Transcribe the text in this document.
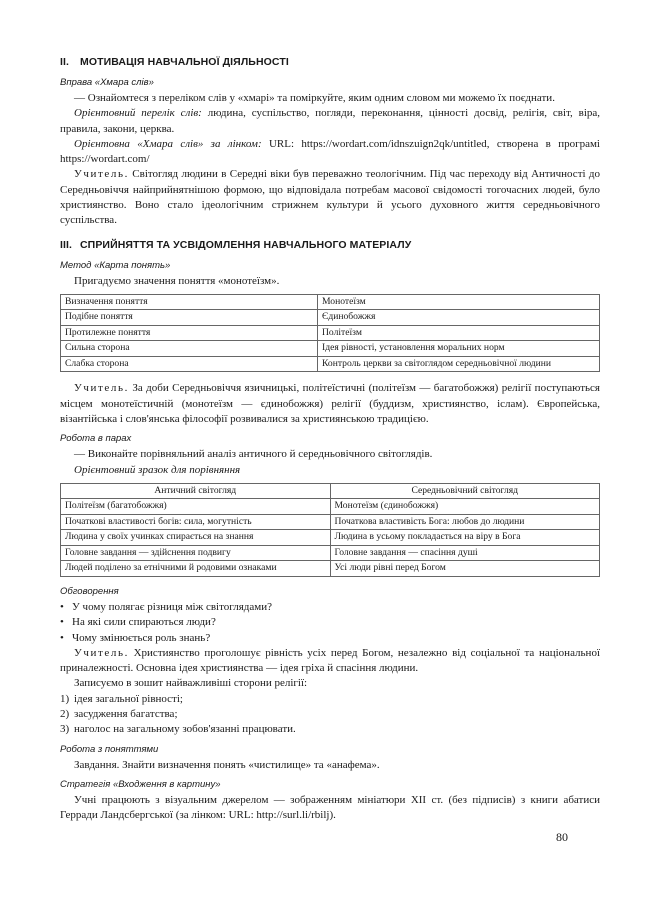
II. МОТИВАЦІЯ НАВЧАЛЬНОЇ ДІЯЛЬНОСТІ
Вправа «Хмара слів»

— Ознайомтеся з переліком слів у «хмарі» та поміркуйте, яким одним словом ми можемо їх поєднати.

Орієнтовний перелік слів: людина, суспільство, погляди, переконання, цінності досвід, релігія, світ, віра, правила, закони, церква.

Орієнтовна «Хмара слів» за лінком: URL: https://wordart.com/idnszuign2qk/untitled, створена в програмі https://wordart.com/

Учитель. Світогляд людини в Середні віки був переважно теологічним. Під час переходу від Античності до Середньовіччя найприйнятнішою формою, що відповідала потребам масової свідомості тогочасних людей, було християнство. Воно стало ідеологічним стрижнем культури й усього духовного життя середньовічного суспільства.

III. СПРИЙНЯТТЯ ТА УСВІДОМЛЕННЯ НАВЧАЛЬНОГО МАТЕРІАЛУ
Метод «Карта понять»

Пригадуємо значення поняття «монотеїзм».

Визначення поняття	Монотеїзм
Подібне поняття	Єдинобожжя
Протилежне поняття	Політеїзм
Сильна сторона	Ідея рівності, установлення моральних норм
Слабка сторона	Контроль церкви за світоглядом середньовічної людини

Учитель. За доби Середньовіччя язичницькі, політеїстичні (політеїзм — багатобожжя) релігії поступаються місцем монотеїстичній (монотеїзм — єдинобожжя) релігії (буддизм, християнство, іслам). Європейська, візантійська і слов'янська філософії розвивалися за християнською традицією.

Робота в парах

— Виконайте порівняльний аналіз античного й середньовічного світоглядів.

Орієнтовний зразок для порівняння

Античний світогляд	Середньовічний світогляд
Політеїзм (багатобожжя)	Монотеїзм (єдинобожжя)
Початкові властивості богів: сила, могутність	Початкова властивість Бога: любов до людини
Людина у своїх учинках спирається на знання	Людина в усьому покладається на віру в Бога
Головне завдання — здійснення подвигу	Головне завдання — спасіння душі
Людей поділено за етнічними й родовими ознаками	Усі люди рівні перед Богом
Обговорення
• У чому полягає різниця між світоглядами?
• На які сили спираються люди?
• Чому змінюється роль знань?

Учитель. Християнство проголошує рівність усіх перед Богом, незалежно від соціальної та національної приналежності. Основна ідея християнства — ідея гріха й спасіння людини.

Записуємо в зошит найважливіші сторони релігії:

1) ідея загальної рівності;
2) засудження багатства;
3) наголос на загальному зобов'язанні працювати.
Робота з поняттями

Завдання. Знайти визначення понять «чистилище» та «анафема».

Стратегія «Входження в картину»

Учні працюють з візуальним джерелом — зображенням мініатюри XII ст. (без підписів) з книги абатиси Герради Ландсбергської (за лінком: URL: http://surl.li/rbilj).

80
